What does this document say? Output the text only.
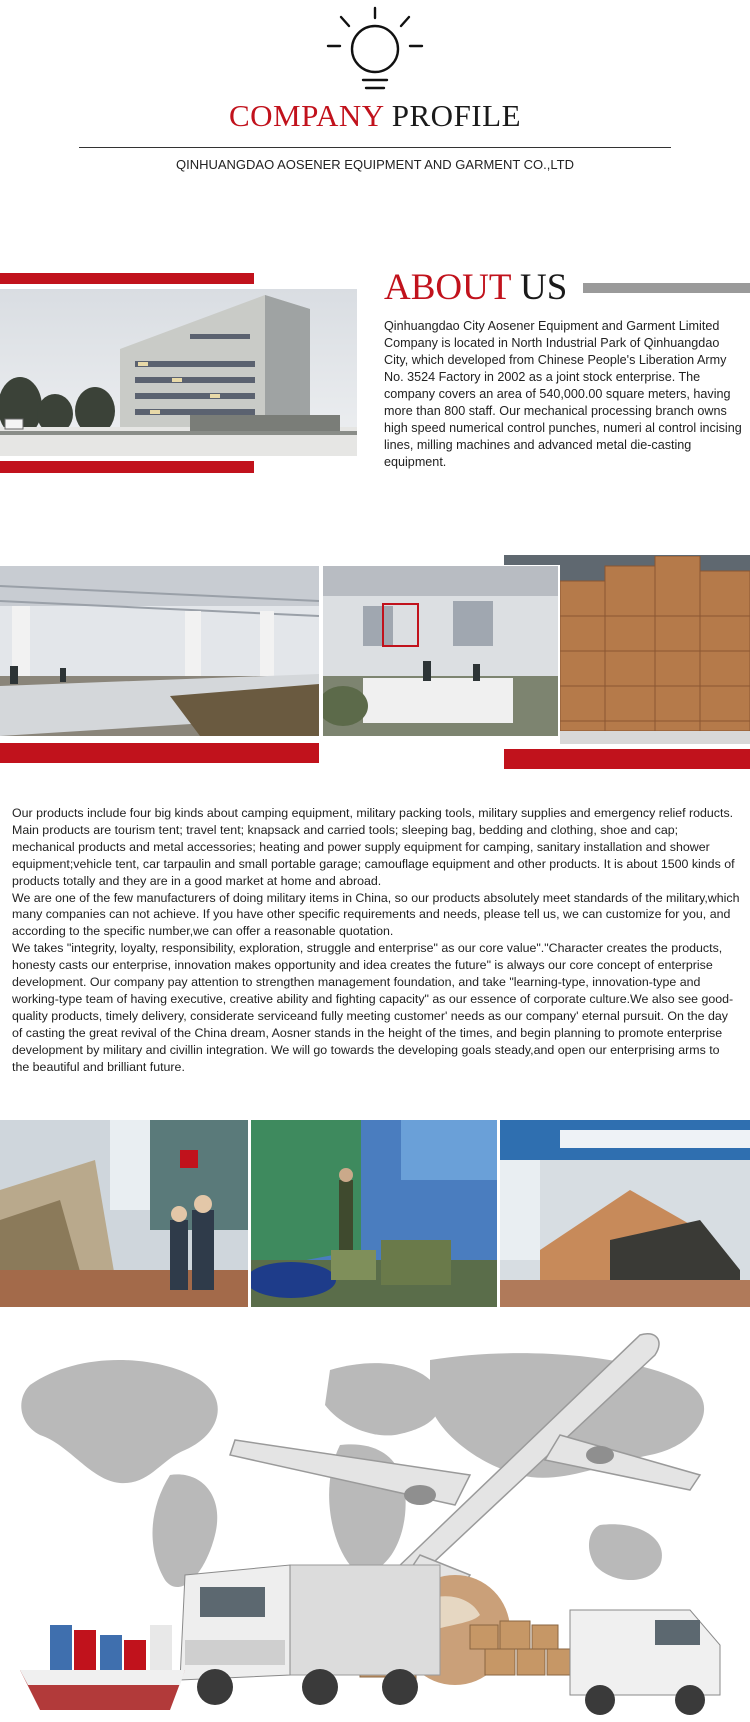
COMPANY PROFILE
QINHUANGDAO AOSENER EQUIPMENT AND GARMENT CO.,LTD
ABOUT US
Qinhuangdao City Aosener Equipment and Garment Limited Company is located in North Industrial Park of Qinhuangdao City, which developed from Chinese People's Liberation Army No. 3524 Factory in 2002 as a joint stock enterprise. The company covers an area of 540,000.00 square meters, having more than 800 staff. Our mechanical processing branch owns high speed numerical control punches, numeri al control incising lines, milling machines and advanced metal die-casting equipment.

Our products include four big kinds about camping equipment, military packing tools, military supplies and emergency relief roducts. Main products are tourism tent; travel tent; knapsack and carried tools; sleeping bag, bedding and clothing, shoe and cap; mechanical products and metal accessories; heating and power supply equipment for camping, sanitary installation and shower equipment;vehicle tent, car tarpaulin and small portable garage; camouflage equipment and other products. It is about 1500 kinds of products totally and they are in a good market at home and abroad.

We are one of the few manufacturers of doing military items in China, so our products absolutely meet standards of the military,which many companies can not achieve. If you have other specific requirements and needs, please tell us, we can customize for you, and according to the specific number,we can offer a reasonable quotation.

We takes "integrity, loyalty, responsibility, exploration, struggle and enterprise" as our core value"."Character creates the products, honesty casts our enterprise, innovation makes opportunity and idea creates the future" is always our core concept of enterprise development. Our company pay attention to strengthen management foundation, and take "learning-type, innovation-type and working-type team of having executive, creative ability and fighting capacity" as our essence of corporate culture.We also see good-quality products, timely delivery, considerate serviceand fully meeting customer' needs as our company' eternal pursuit. On the day of casting the great revival of the China dream, Aosner stands in the height of the times, and begin planning to promote enterprise development by military and civillin integration. We will go towards the developing goals steady,and open our enterprising arms to the beautiful and brilliant future.
